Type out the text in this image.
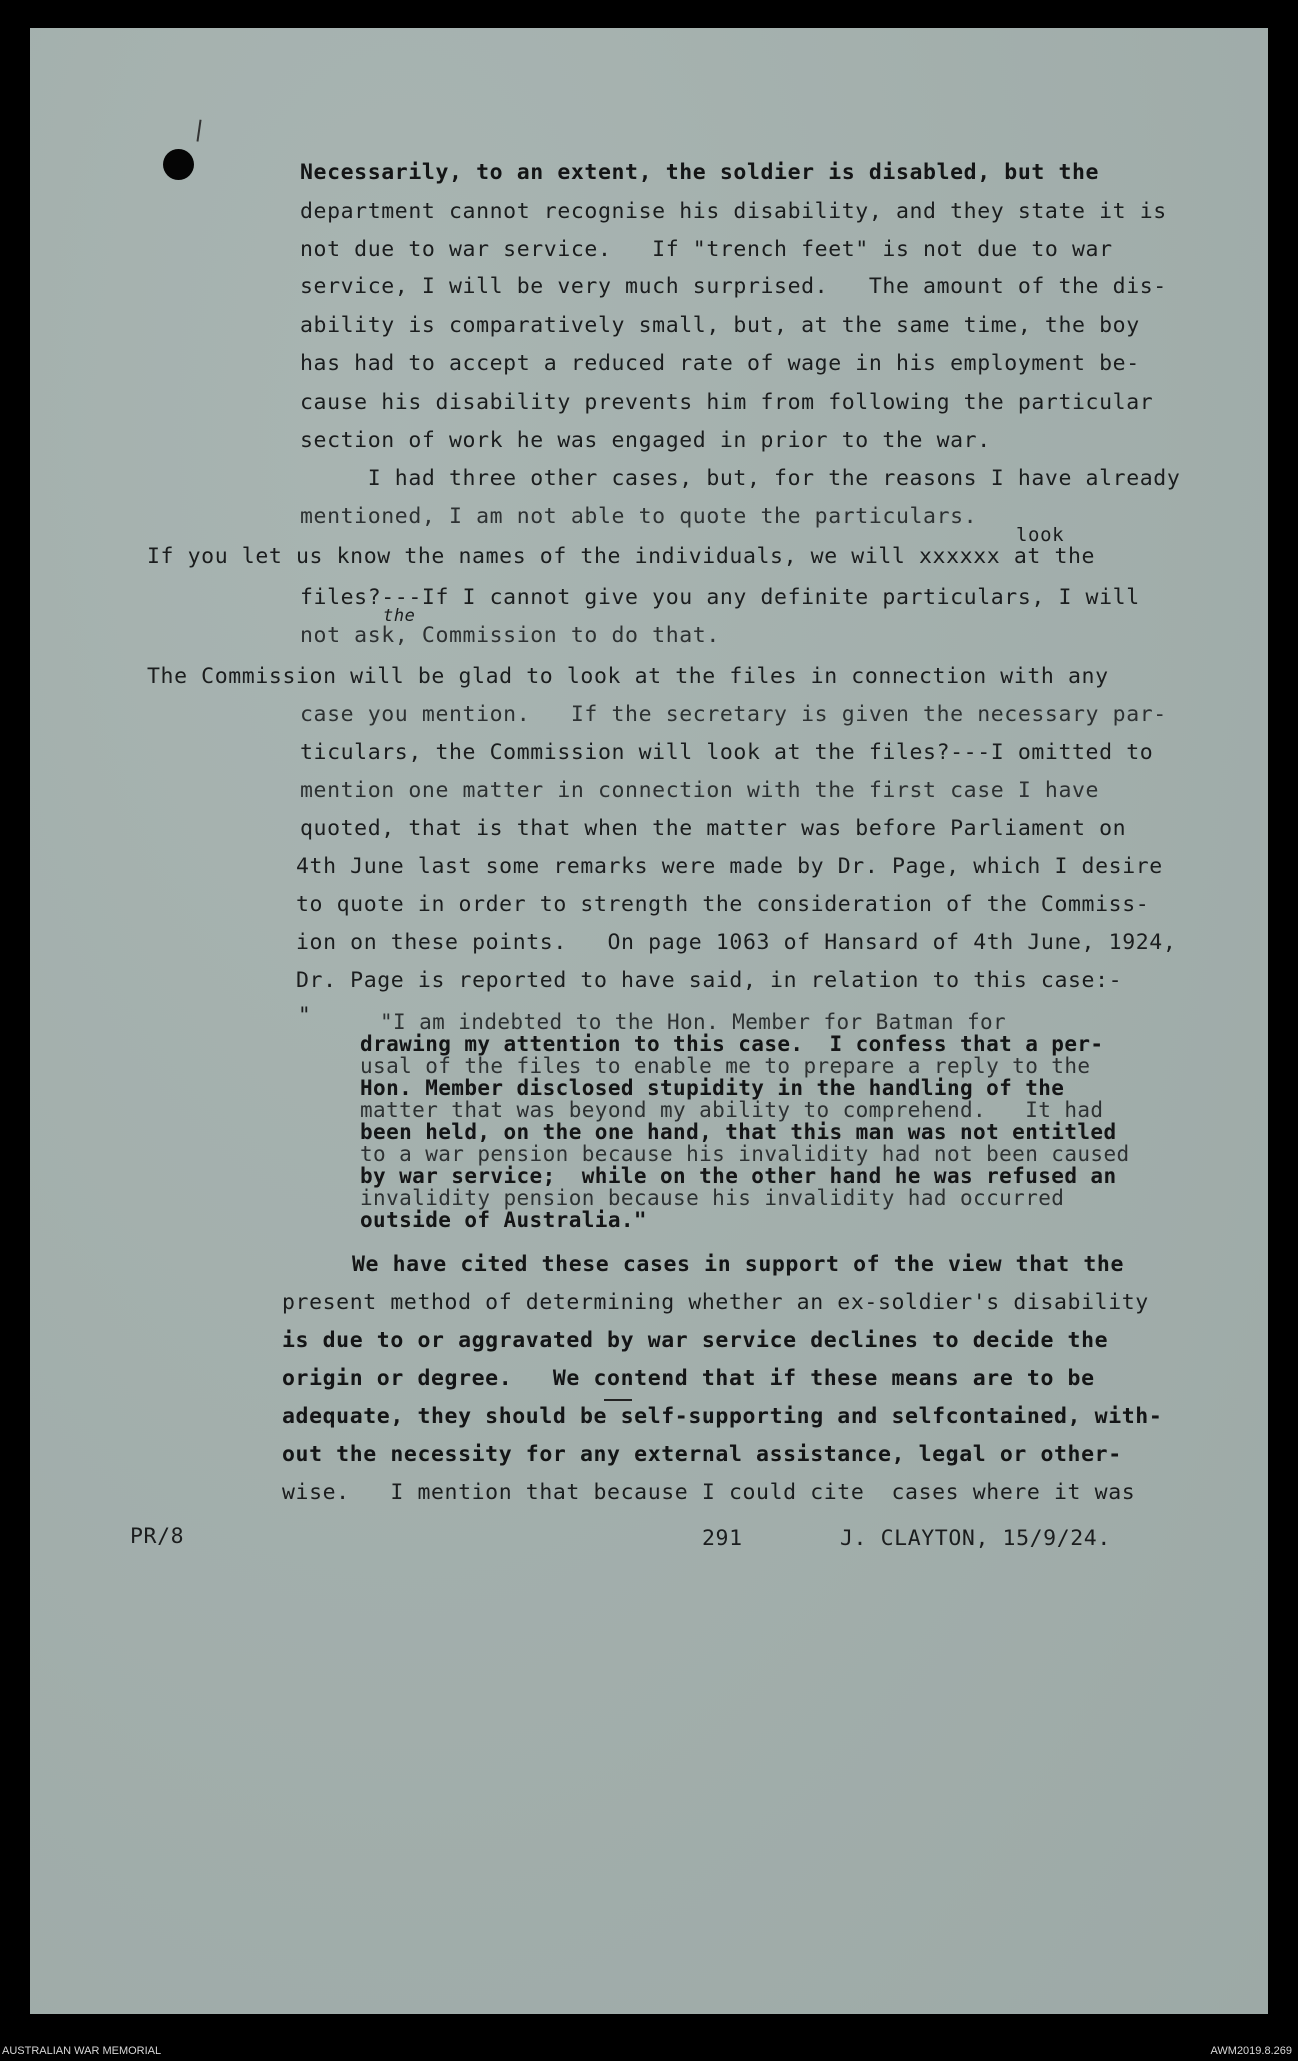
Necessarily, to an extent, the soldier is disabled, but the
department cannot recognise his disability, and they state it is
not due to war service.   If "trench feet" is not due to war
service, I will be very much surprised.   The amount of the dis-
ability is comparatively small, but, at the same time, the boy
has had to accept a reduced rate of wage in his employment be-
cause his disability prevents him from following the particular
section of work he was engaged in prior to the war.
I had three other cases, but, for the reasons I have already
mentioned, I am not able to quote the particulars.
look
If you let us know the names of the individuals, we will xxxxxx at the
files?---If I cannot give you any definite particulars, I will
the
not ask, Commission to do that.
The Commission will be glad to look at the files in connection with any
case you mention.   If the secretary is given the necessary par-
ticulars, the Commission will look at the files?---I omitted to
mention one matter in connection with the first case I have
quoted, that is that when the matter was before Parliament on
4th June last some remarks were made by Dr. Page, which I desire
to quote in order to strength the consideration of the Commiss-
ion on these points.   On page 1063 of Hansard of 4th June, 1924,
Dr. Page is reported to have said, in relation to this case:-
"	"I am indebted to the Hon. Member for Batman for
drawing my attention to this case.  I confess that a per-
usal of the files to enable me to prepare a reply to the
Hon. Member disclosed stupidity in the handling of the
matter that was beyond my ability to comprehend.   It had
been held, on the one hand, that this man was not entitled
to a war pension because his invalidity had not been caused
by war service;  while on the other hand he was refused an
invalidity pension because his invalidity had occurred
outside of Australia."
We have cited these cases in support of the view that the
present method of determining whether an ex-soldier's disability
is due to or aggravated by war service declines to decide the
origin or degree.   We contend that if these means are to be
adequate, they should be self-supporting and selfcontained, with-
out the necessity for any external assistance, legal or other-
wise.   I mention that because I could cite  cases where it was
PR/8	291	J. CLAYTON, 15/9/24.
AUSTRALIAN WAR MEMORIAL	AWM2019.8.269
